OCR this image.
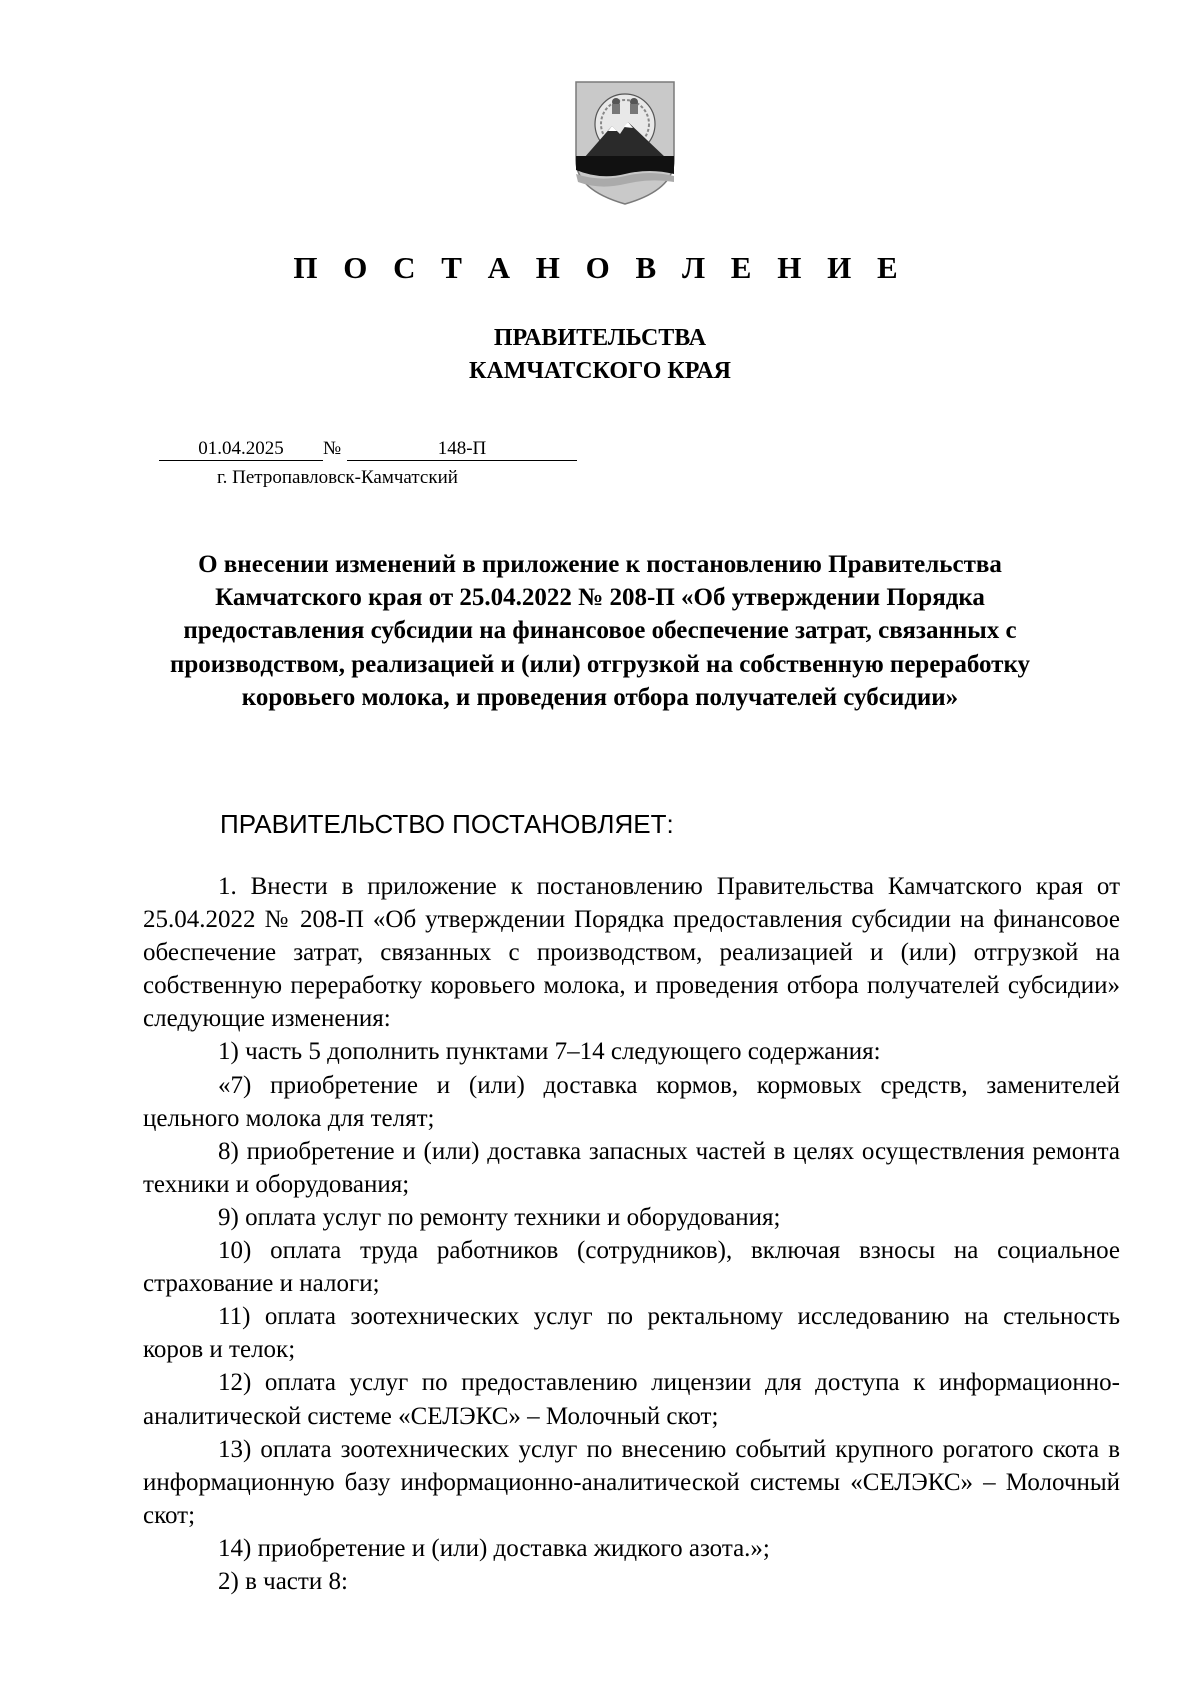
П О С Т А Н О В Л Е Н И Е

ПРАВИТЕЛЬСТВА
КАМЧАТСКОГО КРАЯ
01.04.2025 №	148-П
г. Петропавловск-Камчатский
О внесении изменений в приложение к постановлению Правительства Камчатского края от 25.04.2022 № 208-П «Об утверждении Порядка предоставления субсидии на финансовое обеспечение затрат, связанных с производством, реализацией и (или) отгрузкой на собственную переработку коровьего молока, и проведения отбора получателей субсидии»
ПРАВИТЕЛЬСТВО ПОСТАНОВЛЯЕТ:

1. Внести в приложение к постановлению Правительства Камчатского края от 25.04.2022 № 208-П «Об утверждении Порядка предоставления субсидии на финансовое обеспечение затрат, связанных с производством, реализацией и (или) отгрузкой на собственную переработку коровьего молока, и проведения отбора получателей субсидии» следующие изменения:

1) часть 5 дополнить пунктами 7–14 следующего содержания:

«7) приобретение и (или) доставка кормов, кормовых средств, заменителей цельного молока для телят;

8) приобретение и (или) доставка запасных частей в целях осуществления ремонта техники и оборудования;

9) оплата услуг по ремонту техники и оборудования;

10) оплата труда работников (сотрудников), включая взносы на социальное страхование и налоги;

11) оплата зоотехнических услуг по ректальному исследованию на стельность коров и телок;

12) оплата услуг по предоставлению лицензии для доступа к информационно-аналитической системе «СЕЛЭКС» – Молочный скот;

13) оплата зоотехнических услуг по внесению событий крупного рогатого скота в информационную базу информационно-аналитической системы «СЕЛЭКС» – Молочный скот;

14) приобретение и (или) доставка жидкого азота.»;

2) в части 8:
